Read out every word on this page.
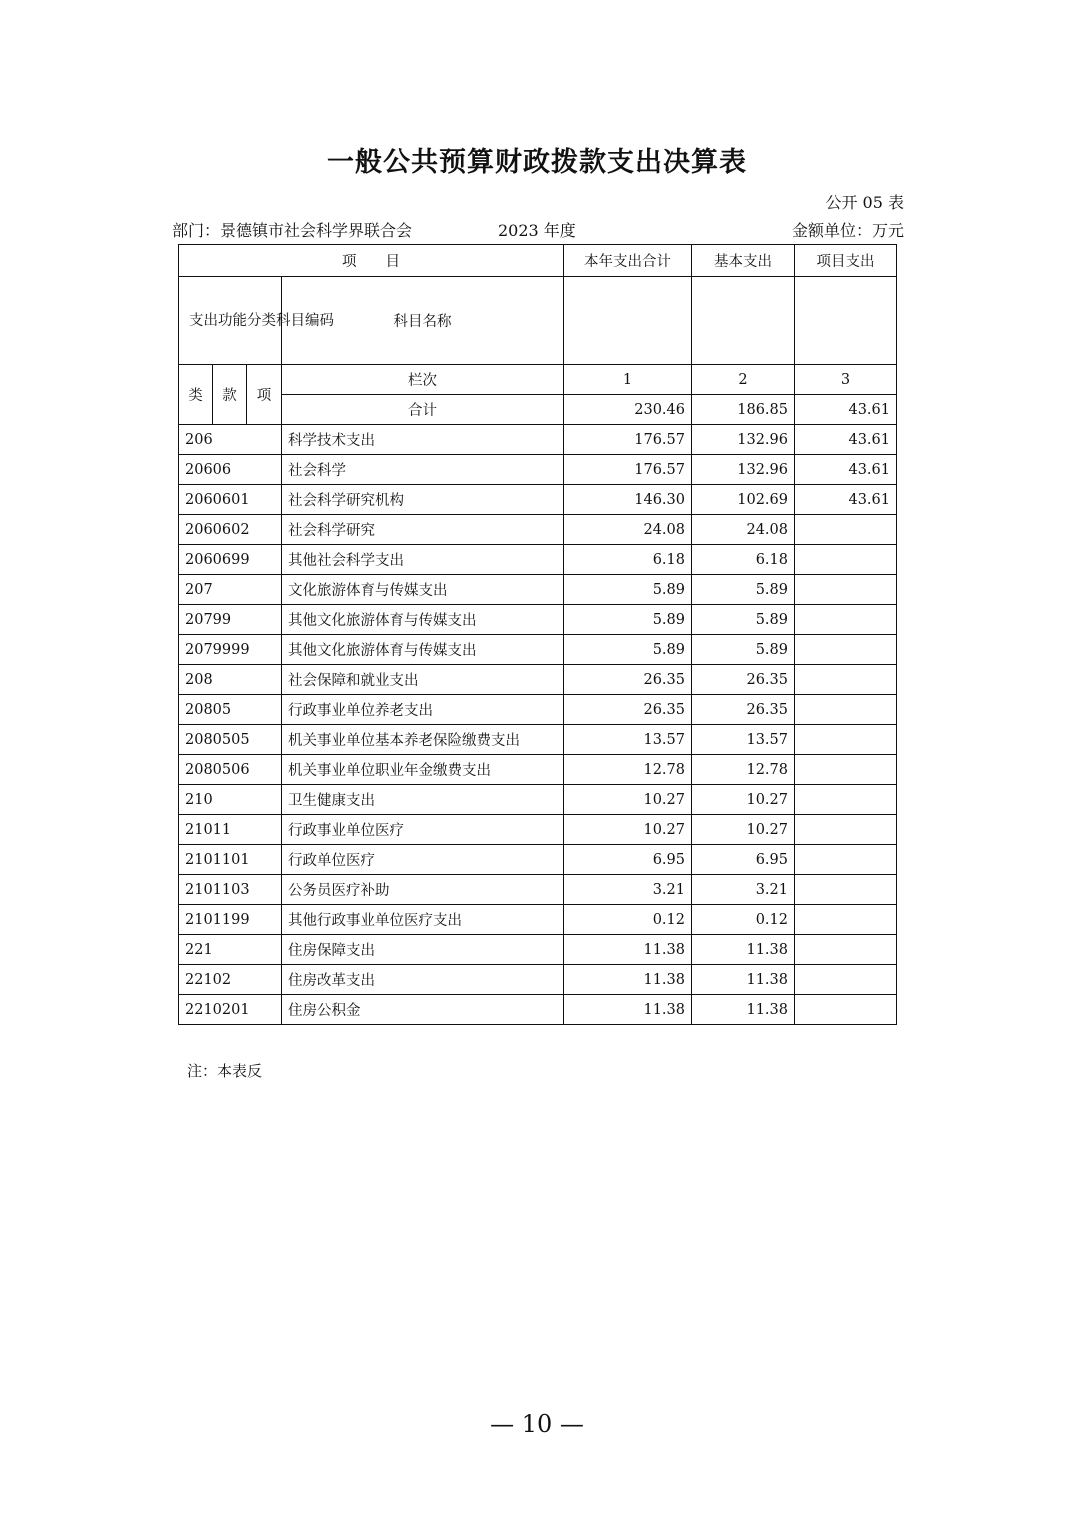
一般公共预算财政拨款支出决算表
公开 05 表
部门：景德镇市社会科学界联合会	2023 年度	金额单位：万元
项　　目				本年支出合计	基本支出	项目支出
支出功能分类科目编码			科目名称			
类	款	项	栏次	1	2	3
			合计	230.46	186.85	43.61
206			科学技术支出	176.57	132.96	43.61
20606			社会科学	176.57	132.96	43.61
2060601			社会科学研究机构	146.30	102.69	43.61
2060602			社会科学研究	24.08	24.08	
2060699			其他社会科学支出	6.18	6.18	
207			文化旅游体育与传媒支出	5.89	5.89	
20799			其他文化旅游体育与传媒支出	5.89	5.89	
2079999			其他文化旅游体育与传媒支出	5.89	5.89	
208			社会保障和就业支出	26.35	26.35	
20805			行政事业单位养老支出	26.35	26.35	
2080505			机关事业单位基本养老保险缴费支出	13.57	13.57	
2080506			机关事业单位职业年金缴费支出	12.78	12.78	
210			卫生健康支出	10.27	10.27	
21011			行政事业单位医疗	10.27	10.27	
2101101			行政单位医疗	6.95	6.95	
2101103			公务员医疗补助	3.21	3.21	
2101199			其他行政事业单位医疗支出	0.12	0.12	
221			住房保障支出	11.38	11.38	
22102			住房改革支出	11.38	11.38	
2210201			住房公积金	11.38	11.38	
注：本表反
— 10 —
